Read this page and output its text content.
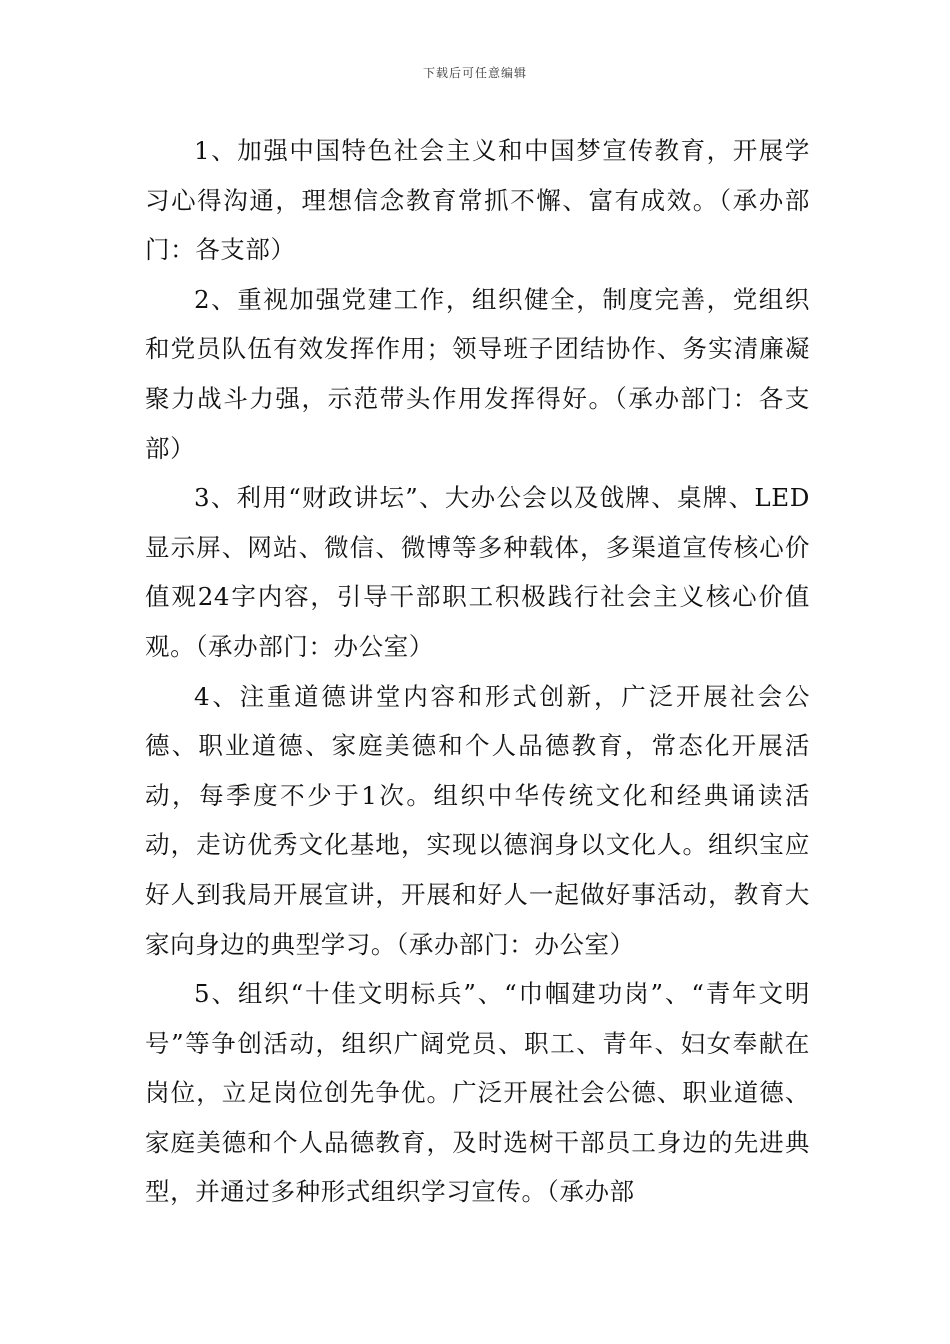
下载后可任意编辑

1、加强中国特色社会主义和中国梦宣传教育，开展学习心得沟通，理想信念教育常抓不懈、富有成效。（承办部门：各支部）

2、重视加强党建工作，组织健全，制度完善，党组织和党员队伍有效发挥作用；领导班子团结协作、务实清廉凝聚力战斗力强，示范带头作用发挥得好。（承办部门：各支部）

3、利用“财政讲坛”、大办公会以及戗牌、桌牌、LED显示屏、网站、微信、微博等多种载体，多渠道宣传核心价值观24字内容，引导干部职工积极践行社会主义核心价值观。（承办部门：办公室）

4、注重道德讲堂内容和形式创新，广泛开展社会公德、职业道德、家庭美德和个人品德教育，常态化开展活动，每季度不少于1次。组织中华传统文化和经典诵读活动，走访优秀文化基地，实现以德润身以文化人。组织宝应好人到我局开展宣讲，开展和好人一起做好事活动，教育大家向身边的典型学习。（承办部门：办公室）

5、组织“十佳文明标兵”、“巾帼建功岗”、“青年文明号”等争创活动，组织广阔党员、职工、青年、妇女奉献在岗位，立足岗位创先争优。广泛开展社会公德、职业道德、家庭美德和个人品德教育，及时选树干部员工身边的先进典型，并通过多种形式组织学习宣传。（承办部
